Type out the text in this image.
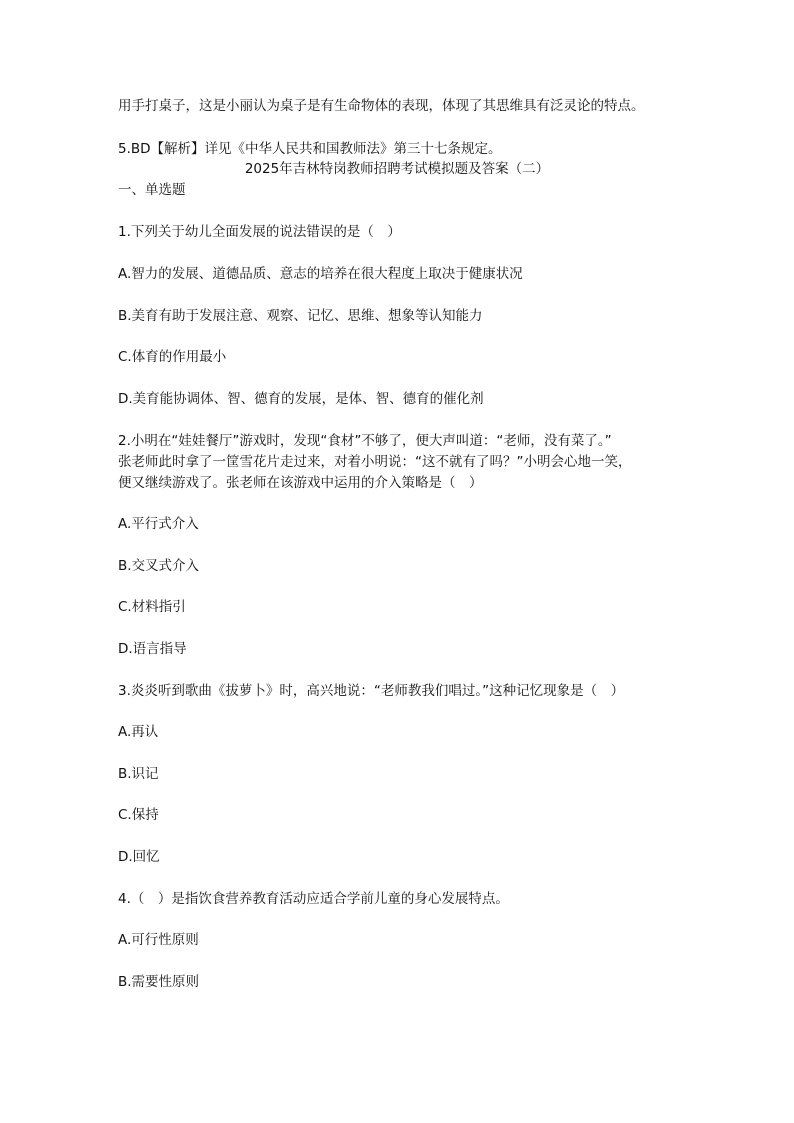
用手打桌子，这是小丽认为桌子是有生命物体的表现，体现了其思维具有泛灵论的特点。
5.BD【解析】详见《中华人民共和国教师法》第三十七条规定。
2025年吉林特岗教师招聘考试模拟题及答案（二）
一、单选题
1.下列关于幼儿全面发展的说法错误的是（　）
A.智力的发展、道德品质、意志的培养在很大程度上取决于健康状况
B.美育有助于发展注意、观察、记忆、思维、想象等认知能力
C.体育的作用最小
D.美育能协调体、智、德育的发展，是体、智、德育的催化剂
2.小明在“娃娃餐厅”游戏时，发现“食材”不够了，便大声叫道：“老师，没有菜了。”
张老师此时拿了一筐雪花片走过来，对着小明说：“这不就有了吗？”小明会心地一笑，
便又继续游戏了。张老师在该游戏中运用的介入策略是（　）
A.平行式介入
B.交叉式介入
C.材料指引
D.语言指导
3.炎炎听到歌曲《拔萝卜》时，高兴地说：“老师教我们唱过。”这种记忆现象是（　）
A.再认
B.识记
C.保持
D.回忆
4.（　）是指饮食营养教育活动应适合学前儿童的身心发展特点。
A.可行性原则
B.需要性原则
